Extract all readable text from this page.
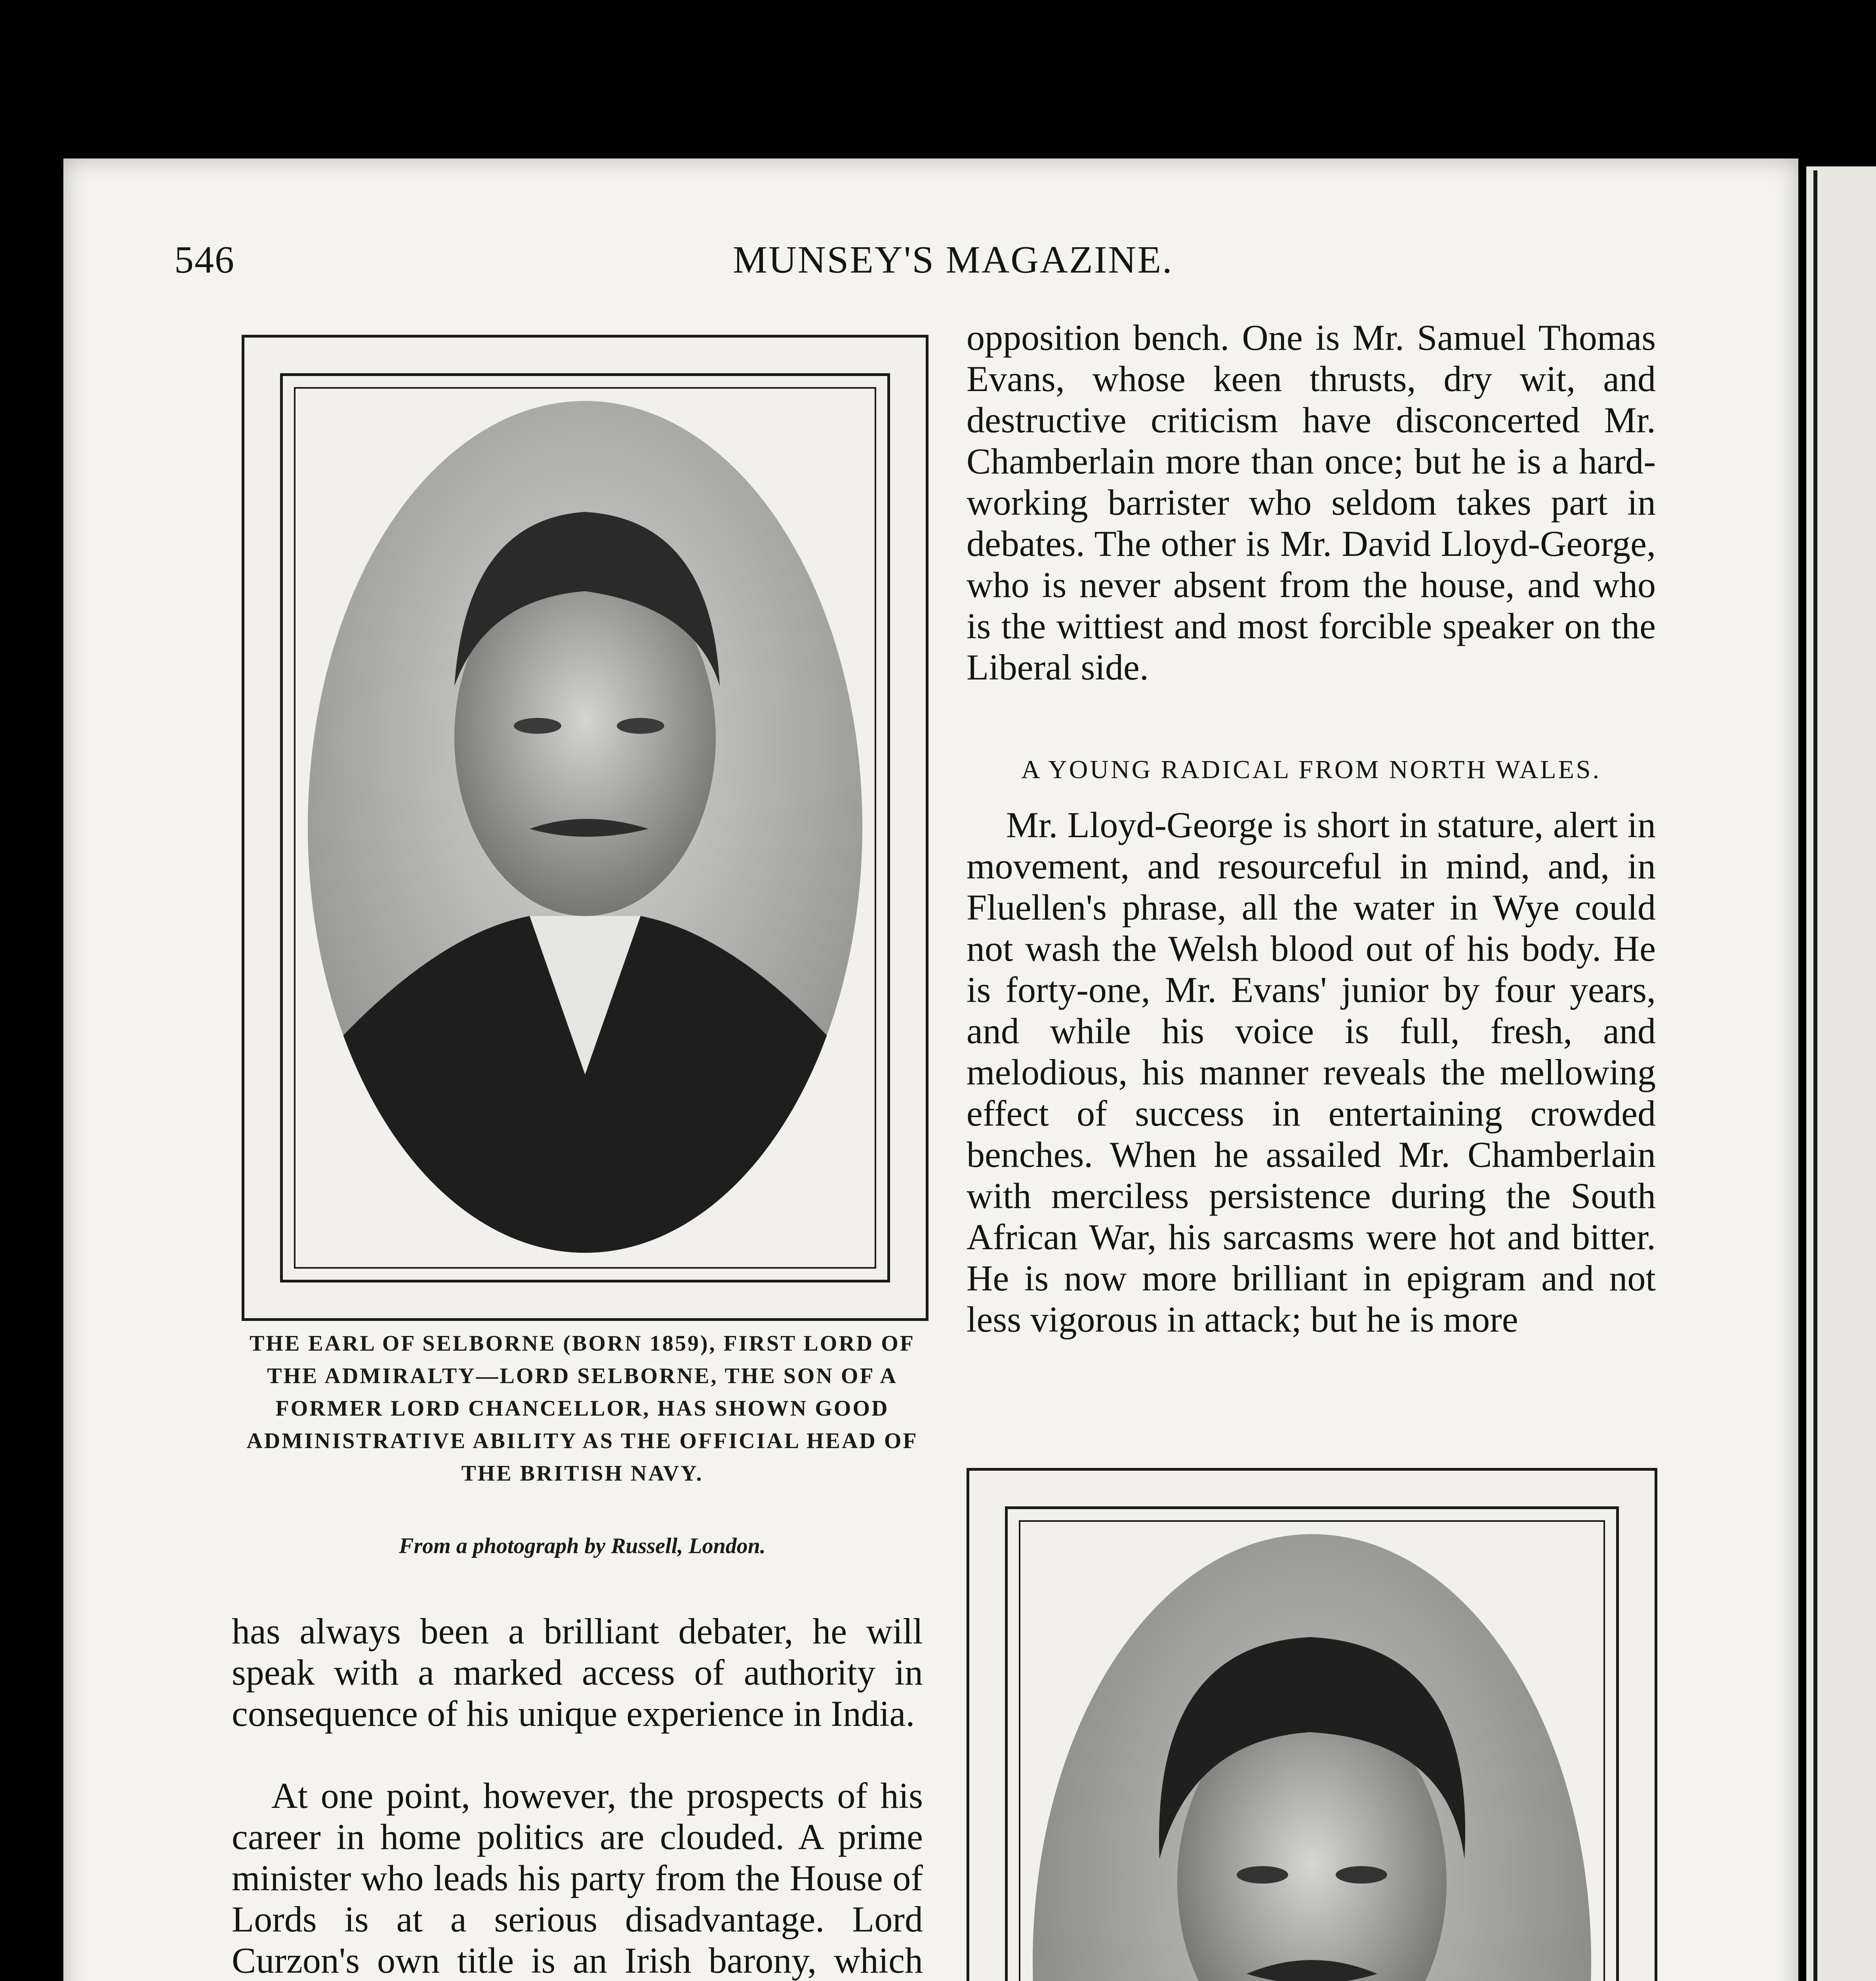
546	MUNSEY'S MAGAZINE.
THE EARL OF SELBORNE (BORN 1859), FIRST LORD OF THE ADMIRALTY—LORD SELBORNE, THE SON OF A FORMER LORD CHANCELLOR, HAS SHOWN GOOD ADMINISTRATIVE ABILITY AS THE OFFICIAL HEAD OF THE BRITISH NAVY.
From a photograph by Russell, London.

has always been a brilliant debater, he will speak with a marked access of authority in consequence of his unique experience in India.

At one point, however, the prospects of his career in home politics are clouded. A prime minister who leads his party from the House of Lords is at a serious disadvantage. Lord Curzon's own title is an Irish barony, which

opposition bench. One is Mr. Samuel Thomas Evans, whose keen thrusts, dry wit, and destructive criticism have disconcerted Mr. Chamberlain more than once; but he is a hard-working barrister who seldom takes part in debates. The other is Mr. David Lloyd-George, who is never absent from the house, and who is the wittiest and most forcible speaker on the Liberal side.

A YOUNG RADICAL FROM NORTH WALES.

Mr. Lloyd-George is short in stature, alert in movement, and resourceful in mind, and, in Fluellen's phrase, all the water in Wye could not wash the Welsh blood out of his body. He is forty-one, Mr. Evans' junior by four years, and while his voice is full, fresh, and melodious, his manner reveals the mellowing effect of success in entertaining crowded benches. When he assailed Mr. Chamberlain with merciless persistence during the South African War, his sarcasms were hot and bitter. He is now more brilliant in epigram and not less vigorous in attack; but he is more
